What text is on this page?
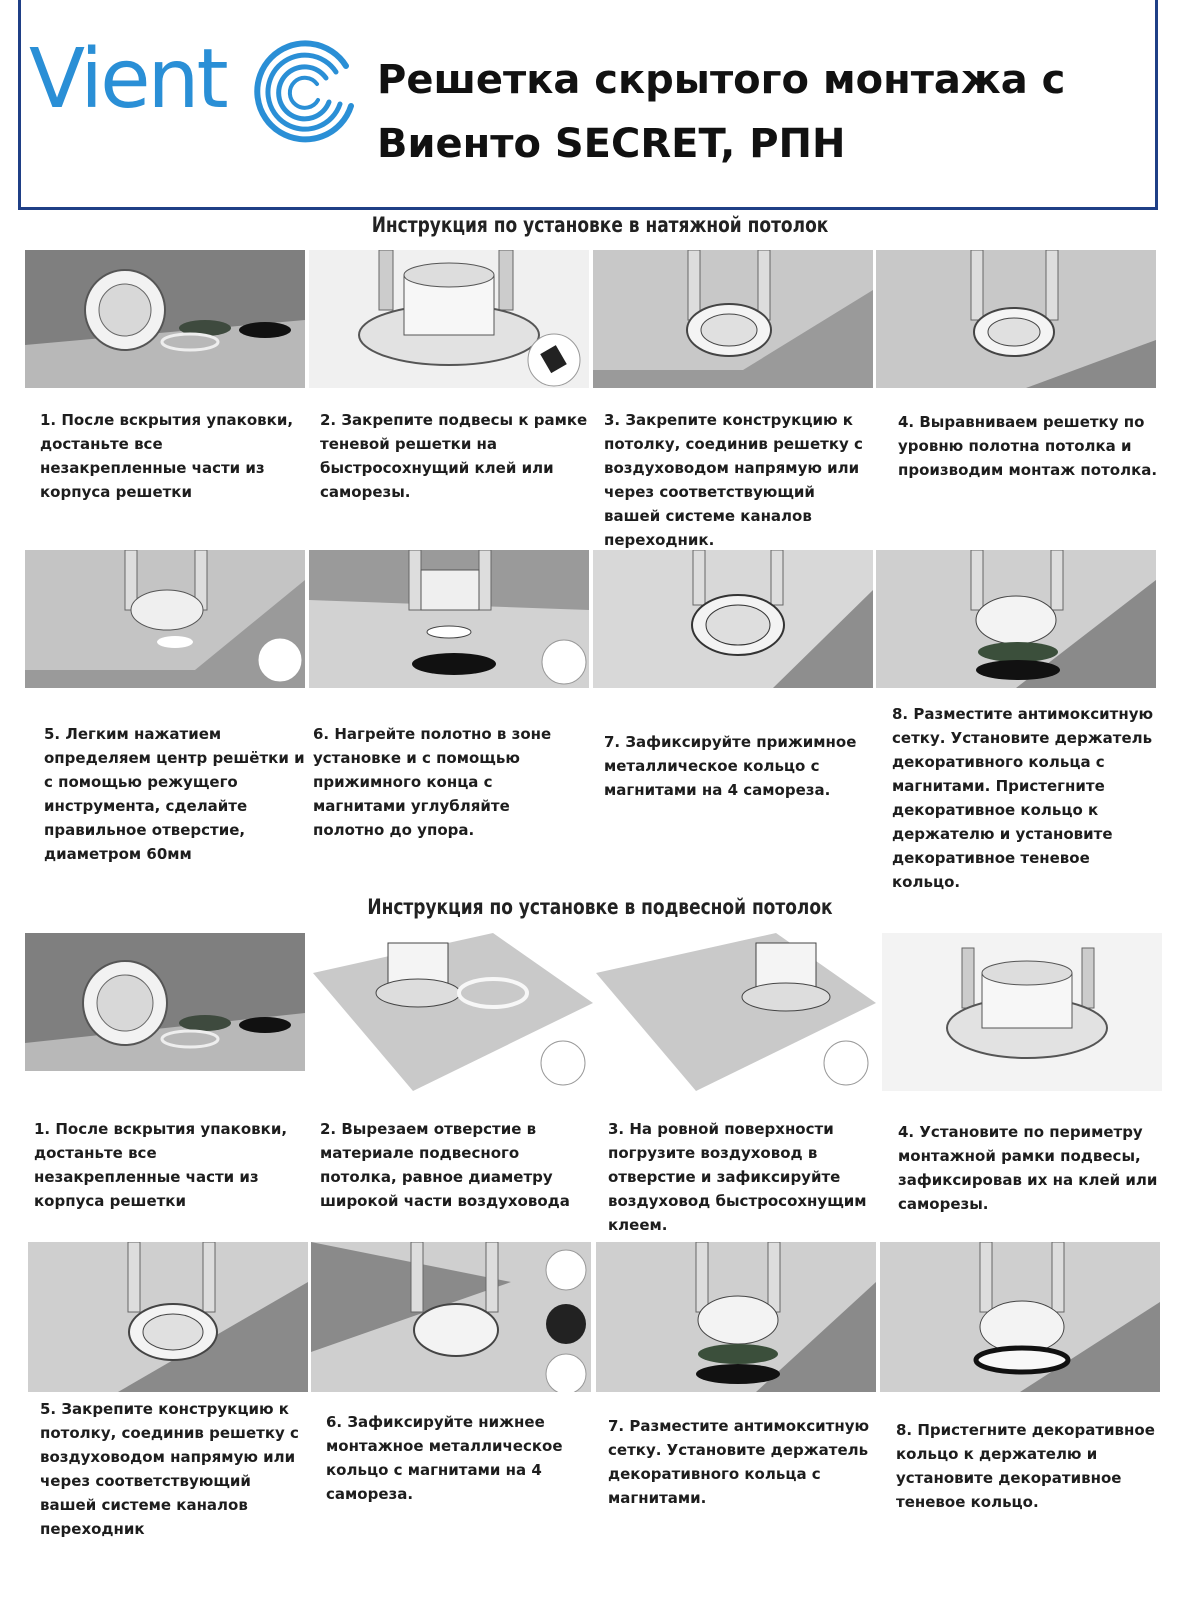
Vient	Решетка скрытого монтажа с
Виенто SECRET, РПН
Инструкция по установке в натяжной потолок
1. После вскрытия упаковки, достаньте все незакрепленные части из корпуса решетки
2. Закрепите подвесы к рамке теневой решетки на быстросохнущий клей или саморезы.
3. Закрепите конструкцию к потолку, соединив решетку с воздуховодом напрямую или через соответствующий вашей системе каналов переходник.
4. Выравниваем решетку по уровню полотна потолка и производим монтаж потолка.
5. Легким нажатием определяем центр решётки и с помощью режущего инструмента, сделайте правильное отверстие, диаметром 60мм
6. Нагрейте полотно в зоне установке и с помощью прижимного конца с магнитами углубляйте полотно до упора.
7. Зафиксируйте прижимное металлическое кольцо с магнитами на 4 самореза.
8. Разместите антимокситную сетку. Установите держатель декоративного кольца с магнитами. Пристегните декоративное кольцо к держателю и установите декоративное теневое кольцо.
Инструкция по установке в подвесной потолок
1. После вскрытия упаковки, достаньте все незакрепленные части из корпуса решетки
2. Вырезаем отверстие в материале подвесного потолка, равное диаметру широкой части воздуховода
3. На ровной поверхности погрузите воздуховод в отверстие и зафиксируйте воздуховод быстросохнущим клеем.
4. Установите по периметру монтажной рамки подвесы, зафиксировав их на клей или саморезы.
5. Закрепите конструкцию к потолку, соединив решетку с воздуховодом напрямую или через соответствующий вашей системе каналов переходник
6. Зафиксируйте нижнее монтажное металлическое кольцо с магнитами на 4 самореза.
7. Разместите антимокситную сетку. Установите держатель декоративного кольца с магнитами.
8. Пристегните декоративное кольцо к держателю и установите декоративное теневое кольцо.
